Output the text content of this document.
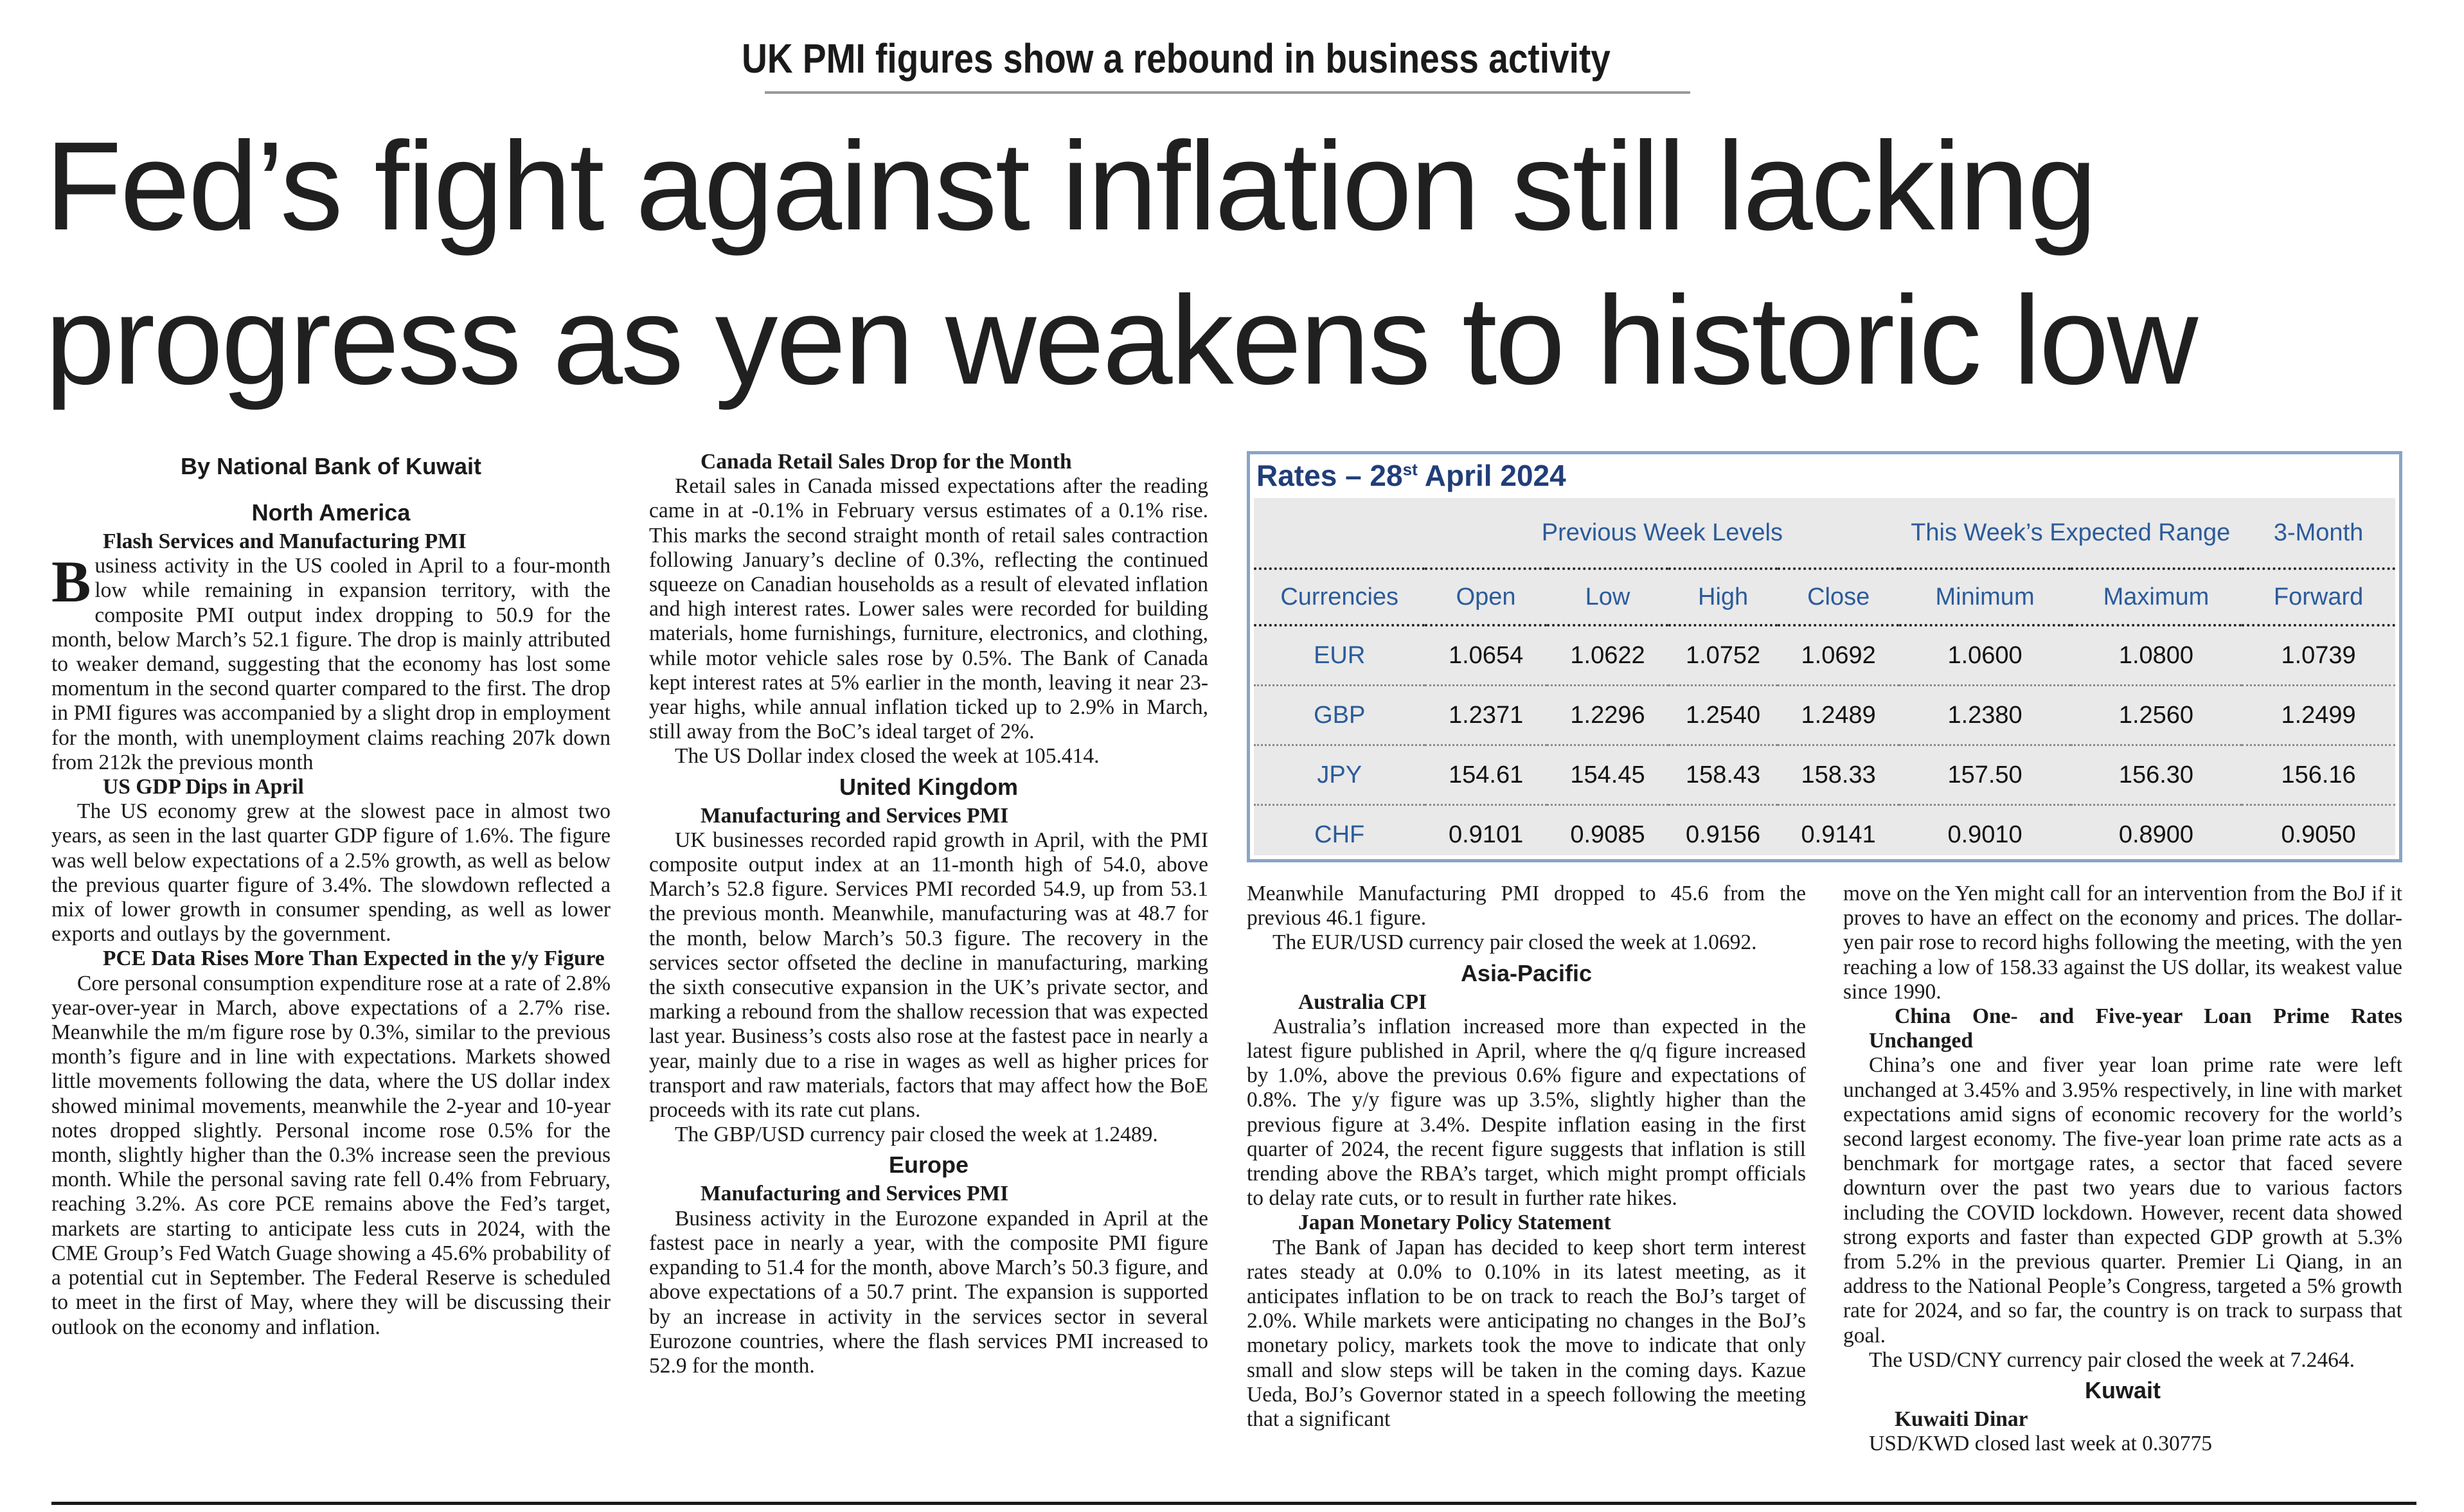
UK PMI figures show a rebound in business activity
Fed’s fight against inflation still lacking
progress as yen weakens to historic low
By National Bank of Kuwait
North America

Flash Services and Manufacturing PMI

Business activity in the US cooled in April to a four-month low while remaining in expansion territory, with the composite PMI output index dropping to 50.9 for the month, below March’s 52.1 figure. The drop is mainly attributed to weaker demand, suggesting that the economy has lost some momentum in the second quarter compared to the first. The drop in PMI figures was accompanied by a slight drop in employment for the month, with unemployment claims reaching 207k down from 212k the previous month

US GDP Dips in April

The US economy grew at the slowest pace in almost two years, as seen in the last quarter GDP figure of 1.6%. The figure was well below expectations of a 2.5% growth, as well as below the previous quarter figure of 3.4%. The slowdown reflected a mix of lower growth in consumer spending, as well as lower exports and outlays by the government.

PCE Data Rises More Than Expected in the y/y Figure

Core personal consumption expenditure rose at a rate of 2.8% year-over-year in March, above expectations of a 2.7% rise. Meanwhile the m/m figure rose by 0.3%, similar to the previous month’s figure and in line with expectations. Markets showed little movements following the data, where the US dollar index showed minimal movements, meanwhile the 2-year and 10-year notes dropped slightly. Personal income rose 0.5% for the month, slightly higher than the 0.3% increase seen the previous month. While the personal saving rate fell 0.4% from February, reaching 3.2%. As core PCE remains above the Fed’s target, markets are starting to anticipate less cuts in 2024, with the CME Group’s Fed Watch Guage showing a 45.6% probability of a potential cut in September. The Federal Reserve is scheduled to meet in the first of May, where they will be discussing their outlook on the economy and inflation.

Canada Retail Sales Drop for the Month

Retail sales in Canada missed expectations after the reading came in at -0.1% in February versus estimates of a 0.1% rise. This marks the second straight month of retail sales contraction following January’s decline of 0.3%, reflecting the continued squeeze on Canadian households as a result of elevated inflation and high interest rates. Lower sales were recorded for building materials, home furnishings, furniture, electronics, and clothing, while motor vehicle sales rose by 0.5%. The Bank of Canada kept interest rates at 5% earlier in the month, leaving it near 23-year highs, while annual inflation ticked up to 2.9% in March, still away from the BoC’s ideal target of 2%.

The US Dollar index closed the week at 105.414.

United Kingdom

Manufacturing and Services PMI

UK businesses recorded rapid growth in April, with the PMI composite output index at an 11-month high of 54.0, above March’s 52.8 figure. Services PMI recorded 54.9, up from 53.1 the previous month. Meanwhile, manufacturing was at 48.7 for the month, below March’s 50.3 figure. The recovery in the services sector offseted the decline in manufacturing, marking the sixth consecutive expansion in the UK’s private sector, and marking a rebound from the shallow recession that was expected last year. Business’s costs also rose at the fastest pace in nearly a year, mainly due to a rise in wages as well as higher prices for transport and raw materials, factors that may affect how the BoE proceeds with its rate cut plans.

The GBP/USD currency pair closed the week at 1.2489.

Europe

Manufacturing and Services PMI

Business activity in the Eurozone expanded in April at the fastest pace in nearly a year, with the composite PMI figure expanding to 51.4 for the month, above March’s 50.3 figure, and above expectations of a 50.7 print. The expansion is supported by an increase in activity in the services sector in several Eurozone countries, where the flash services PMI increased to 52.9 for the month.

Rates – 28st April 2024
	Previous Week Levels				This Week’s Expected Range		3-Month
Currencies	Open	Low	High	Close	Minimum	Maximum	Forward
EUR	1.0654	1.0622	1.0752	1.0692	1.0600	1.0800	1.0739
GBP	1.2371	1.2296	1.2540	1.2489	1.2380	1.2560	1.2499
JPY	154.61	154.45	158.43	158.33	157.50	156.30	156.16
CHF	0.9101	0.9085	0.9156	0.9141	0.9010	0.8900	0.9050

Meanwhile Manufacturing PMI dropped to 45.6 from the previous 46.1 figure.

The EUR/USD currency pair closed the week at 1.0692.

Asia-Pacific

Australia CPI

Australia’s inflation increased more than expected in the latest figure published in April, where the q/q figure increased by 1.0%, above the previous 0.6% figure and expectations of 0.8%. The y/y figure was up 3.5%, slightly higher than the previous figure at 3.4%. Despite inflation easing in the first quarter of 2024, the recent figure suggests that inflation is still trending above the RBA’s target, which might prompt officials to delay rate cuts, or to result in further rate hikes.

Japan Monetary Policy Statement

The Bank of Japan has decided to keep short term interest rates steady at 0.0% to 0.10% in its latest meeting, as it anticipates inflation to be on track to reach the BoJ’s target of 2.0%. While markets were anticipating no changes in the BoJ’s monetary policy, markets took the move to indicate that only small and slow steps will be taken in the coming days. Kazue Ueda, BoJ’s Governor stated in a speech following the meeting that a significant

move on the Yen might call for an intervention from the BoJ if it proves to have an effect on the economy and prices. The dollar-yen pair rose to record highs following the meeting, with the yen reaching a low of 158.33 against the US dollar, its weakest value since 1990.

China One- and Five-year Loan Prime Rates Unchanged

China’s one and fiver year loan prime rate were left unchanged at 3.45% and 3.95% respectively, in line with market expectations amid signs of economic recovery for the world’s second largest economy. The five-year loan prime rate acts as a benchmark for mortgage rates, a sector that faced severe downturn over the past two years due to various factors including the COVID lockdown. However, recent data showed strong exports and faster than expected GDP growth at 5.3% from 5.2% in the previous quarter. Premier Li Qiang, in an address to the National People’s Congress, targeted a 5% growth rate for 2024, and so far, the country is on track to surpass that goal.

The USD/CNY currency pair closed the week at 7.2464.

Kuwait

Kuwaiti Dinar

USD/KWD closed last week at 0.30775
